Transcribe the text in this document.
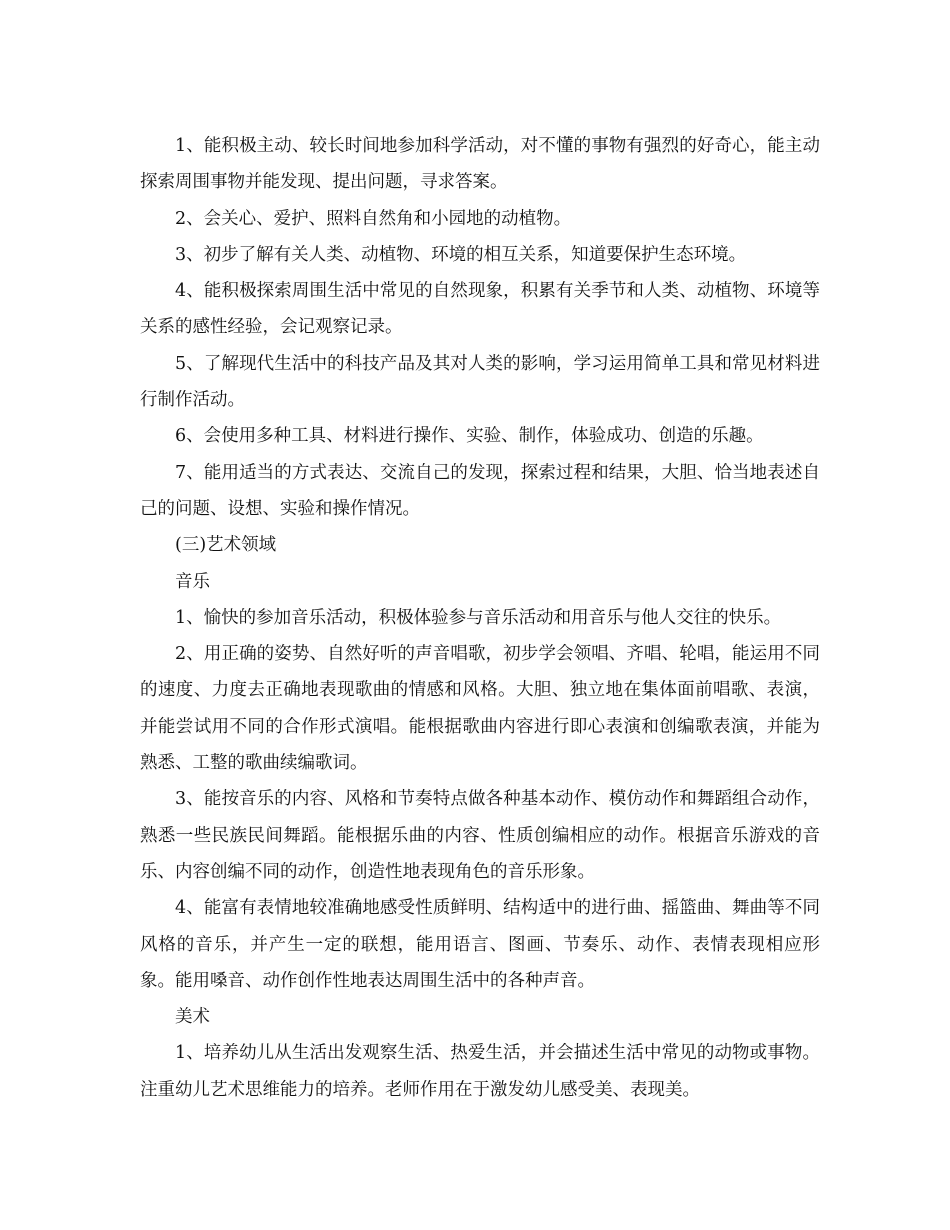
1、能积极主动、较长时间地参加科学活动，对不懂的事物有强烈的好奇心，能主动探索周围事物并能发现、提出问题，寻求答案。

2、会关心、爱护、照料自然角和小园地的动植物。

3、初步了解有关人类、动植物、环境的相互关系，知道要保护生态环境。

4、能积极探索周围生活中常见的自然现象，积累有关季节和人类、动植物、环境等关系的感性经验，会记观察记录。

5、了解现代生活中的科技产品及其对人类的影响，学习运用简单工具和常见材料进行制作活动。

6、会使用多种工具、材料进行操作、实验、制作，体验成功、创造的乐趣。

7、能用适当的方式表达、交流自己的发现，探索过程和结果，大胆、恰当地表述自己的问题、设想、实验和操作情况。

(三)艺术领域

音乐

1、愉快的参加音乐活动，积极体验参与音乐活动和用音乐与他人交往的快乐。

2、用正确的姿势、自然好听的声音唱歌，初步学会领唱、齐唱、轮唱，能运用不同的速度、力度去正确地表现歌曲的情感和风格。大胆、独立地在集体面前唱歌、表演，并能尝试用不同的合作形式演唱。能根据歌曲内容进行即心表演和创编歌表演，并能为熟悉、工整的歌曲续编歌词。

3、能按音乐的内容、风格和节奏特点做各种基本动作、模仿动作和舞蹈组合动作，熟悉一些民族民间舞蹈。能根据乐曲的内容、性质创编相应的动作。根据音乐游戏的音乐、内容创编不同的动作，创造性地表现角色的音乐形象。

4、能富有表情地较准确地感受性质鲜明、结构适中的进行曲、摇篮曲、舞曲等不同风格的音乐，并产生一定的联想，能用语言、图画、节奏乐、动作、表情表现相应形象。能用嗓音、动作创作性地表达周围生活中的各种声音。

美术

1、培养幼儿从生活出发观察生活、热爱生活，并会描述生活中常见的动物或事物。注重幼儿艺术思维能力的培养。老师作用在于激发幼儿感受美、表现美。
